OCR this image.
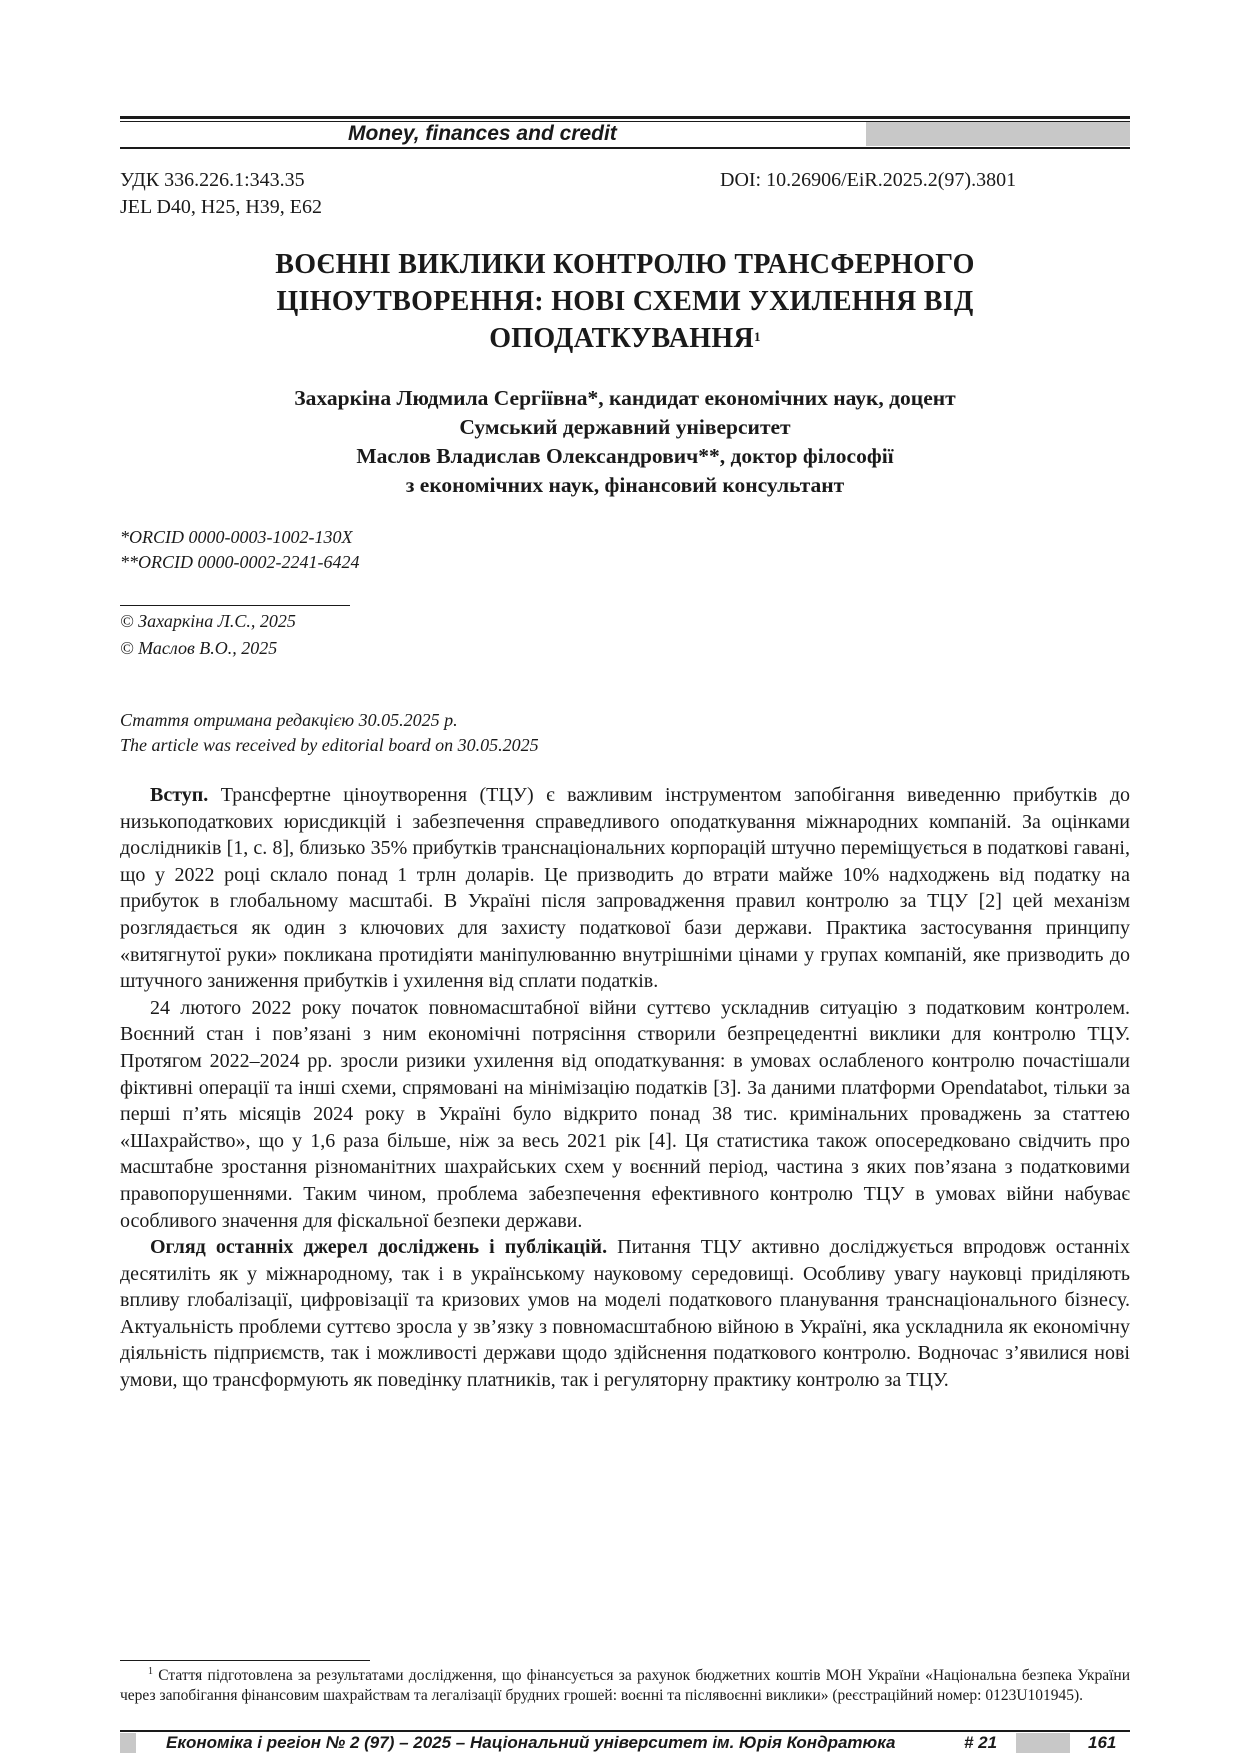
Money, finances and credit
УДК 336.226.1:343.35
JEL D40, H25, H39, E62
DOI: 10.26906/EiR.2025.2(97).3801
ВОЄННІ ВИКЛИКИ КОНТРОЛЮ ТРАНСФЕРНОГО
ЦІНОУТВОРЕННЯ: НОВІ СХЕМИ УХИЛЕННЯ ВІД
ОПОДАТКУВАННЯ$^1$
Захаркіна Людмила Сергіївна*, кандидат економічних наук, доцент
Сумський державний університет
Маслов Владислав Олександрович**, доктор філософії
з економічних наук, фінансовий консультант
*ORCID 0000-0003-1002-130X
**ORCID 0000-0002-2241-6424
© Захаркіна Л.С., 2025
© Маслов В.О., 2025
Стаття отримана редакцією 30.05.2025 р.
The article was received by editorial board on 30.05.2025

Вступ. Трансфертне ціноутворення (ТЦУ) є важливим інструментом запобігання виведенню прибутків до низькоподаткових юрисдикцій і забезпечення справедливого оподаткування міжнародних компаній. За оцінками дослідників [1, с. 8], близько 35% прибутків транснаціональних корпорацій штучно переміщується в податкові гавані, що у 2022 році склало понад 1 трлн доларів. Це призводить до втрати майже 10% надходжень від податку на прибуток в глобальному масштабі. В Україні після запровадження правил контролю за ТЦУ [2] цей механізм розглядається як один з ключових для захисту податкової бази держави. Практика застосування принципу «витягнутої руки» покликана протидіяти маніпулюванню внутрішніми цінами у групах компаній, яке призводить до штучного заниження прибутків і ухилення від сплати податків.

24 лютого 2022 року початок повномасштабної війни суттєво ускладнив ситуацію з податковим контролем. Воєнний стан і пов’язані з ним економічні потрясіння створили безпрецедентні виклики для контролю ТЦУ. Протягом 2022–2024 рр. зросли ризики ухилення від оподаткування: в умовах ослабленого контролю почастішали фіктивні операції та інші схеми, спрямовані на мінімізацію податків [3]. За даними платформи Opendatabot, тільки за перші п’ять місяців 2024 року в Україні було відкрито понад 38 тис. кримінальних проваджень за статтею «Шахрайство», що у 1,6 раза більше, ніж за весь 2021 рік [4]. Ця статистика також опосередковано свідчить про масштабне зростання різноманітних шахрайських схем у воєнний період, частина з яких пов’язана з податковими правопорушеннями. Таким чином, проблема забезпечення ефективного контролю ТЦУ в умовах війни набуває особливого значення для фіскальної безпеки держави.

Огляд останніх джерел досліджень і публікацій. Питання ТЦУ активно досліджується впродовж останніх десятиліть як у міжнародному, так і в українському науковому середовищі. Особливу увагу науковці приділяють впливу глобалізації, цифровізації та кризових умов на моделі податкового планування транснаціонального бізнесу. Актуальність проблеми суттєво зросла у зв’язку з повномасштабною війною в Україні, яка ускладнила як економічну діяльність підприємств, так і можливості держави щодо здійснення податкового контролю. Водночас з’явилися нові умови, що трансформують як поведінку платників, так і регуляторну практику контролю за ТЦУ.

$^1$ Стаття підготовлена за результатами дослідження, що фінансується за рахунок бюджетних коштів МОН України «Національна безпека України через запобігання фінансовим шахрайствам та легалізації брудних грошей: воєнні та післявоєнні виклики» (реєстраційний номер: 0123U101945).
Економіка і регіон № 2 (97) – 2025 – Національний університет ім. Юрія Кондратюка	# 21	161
